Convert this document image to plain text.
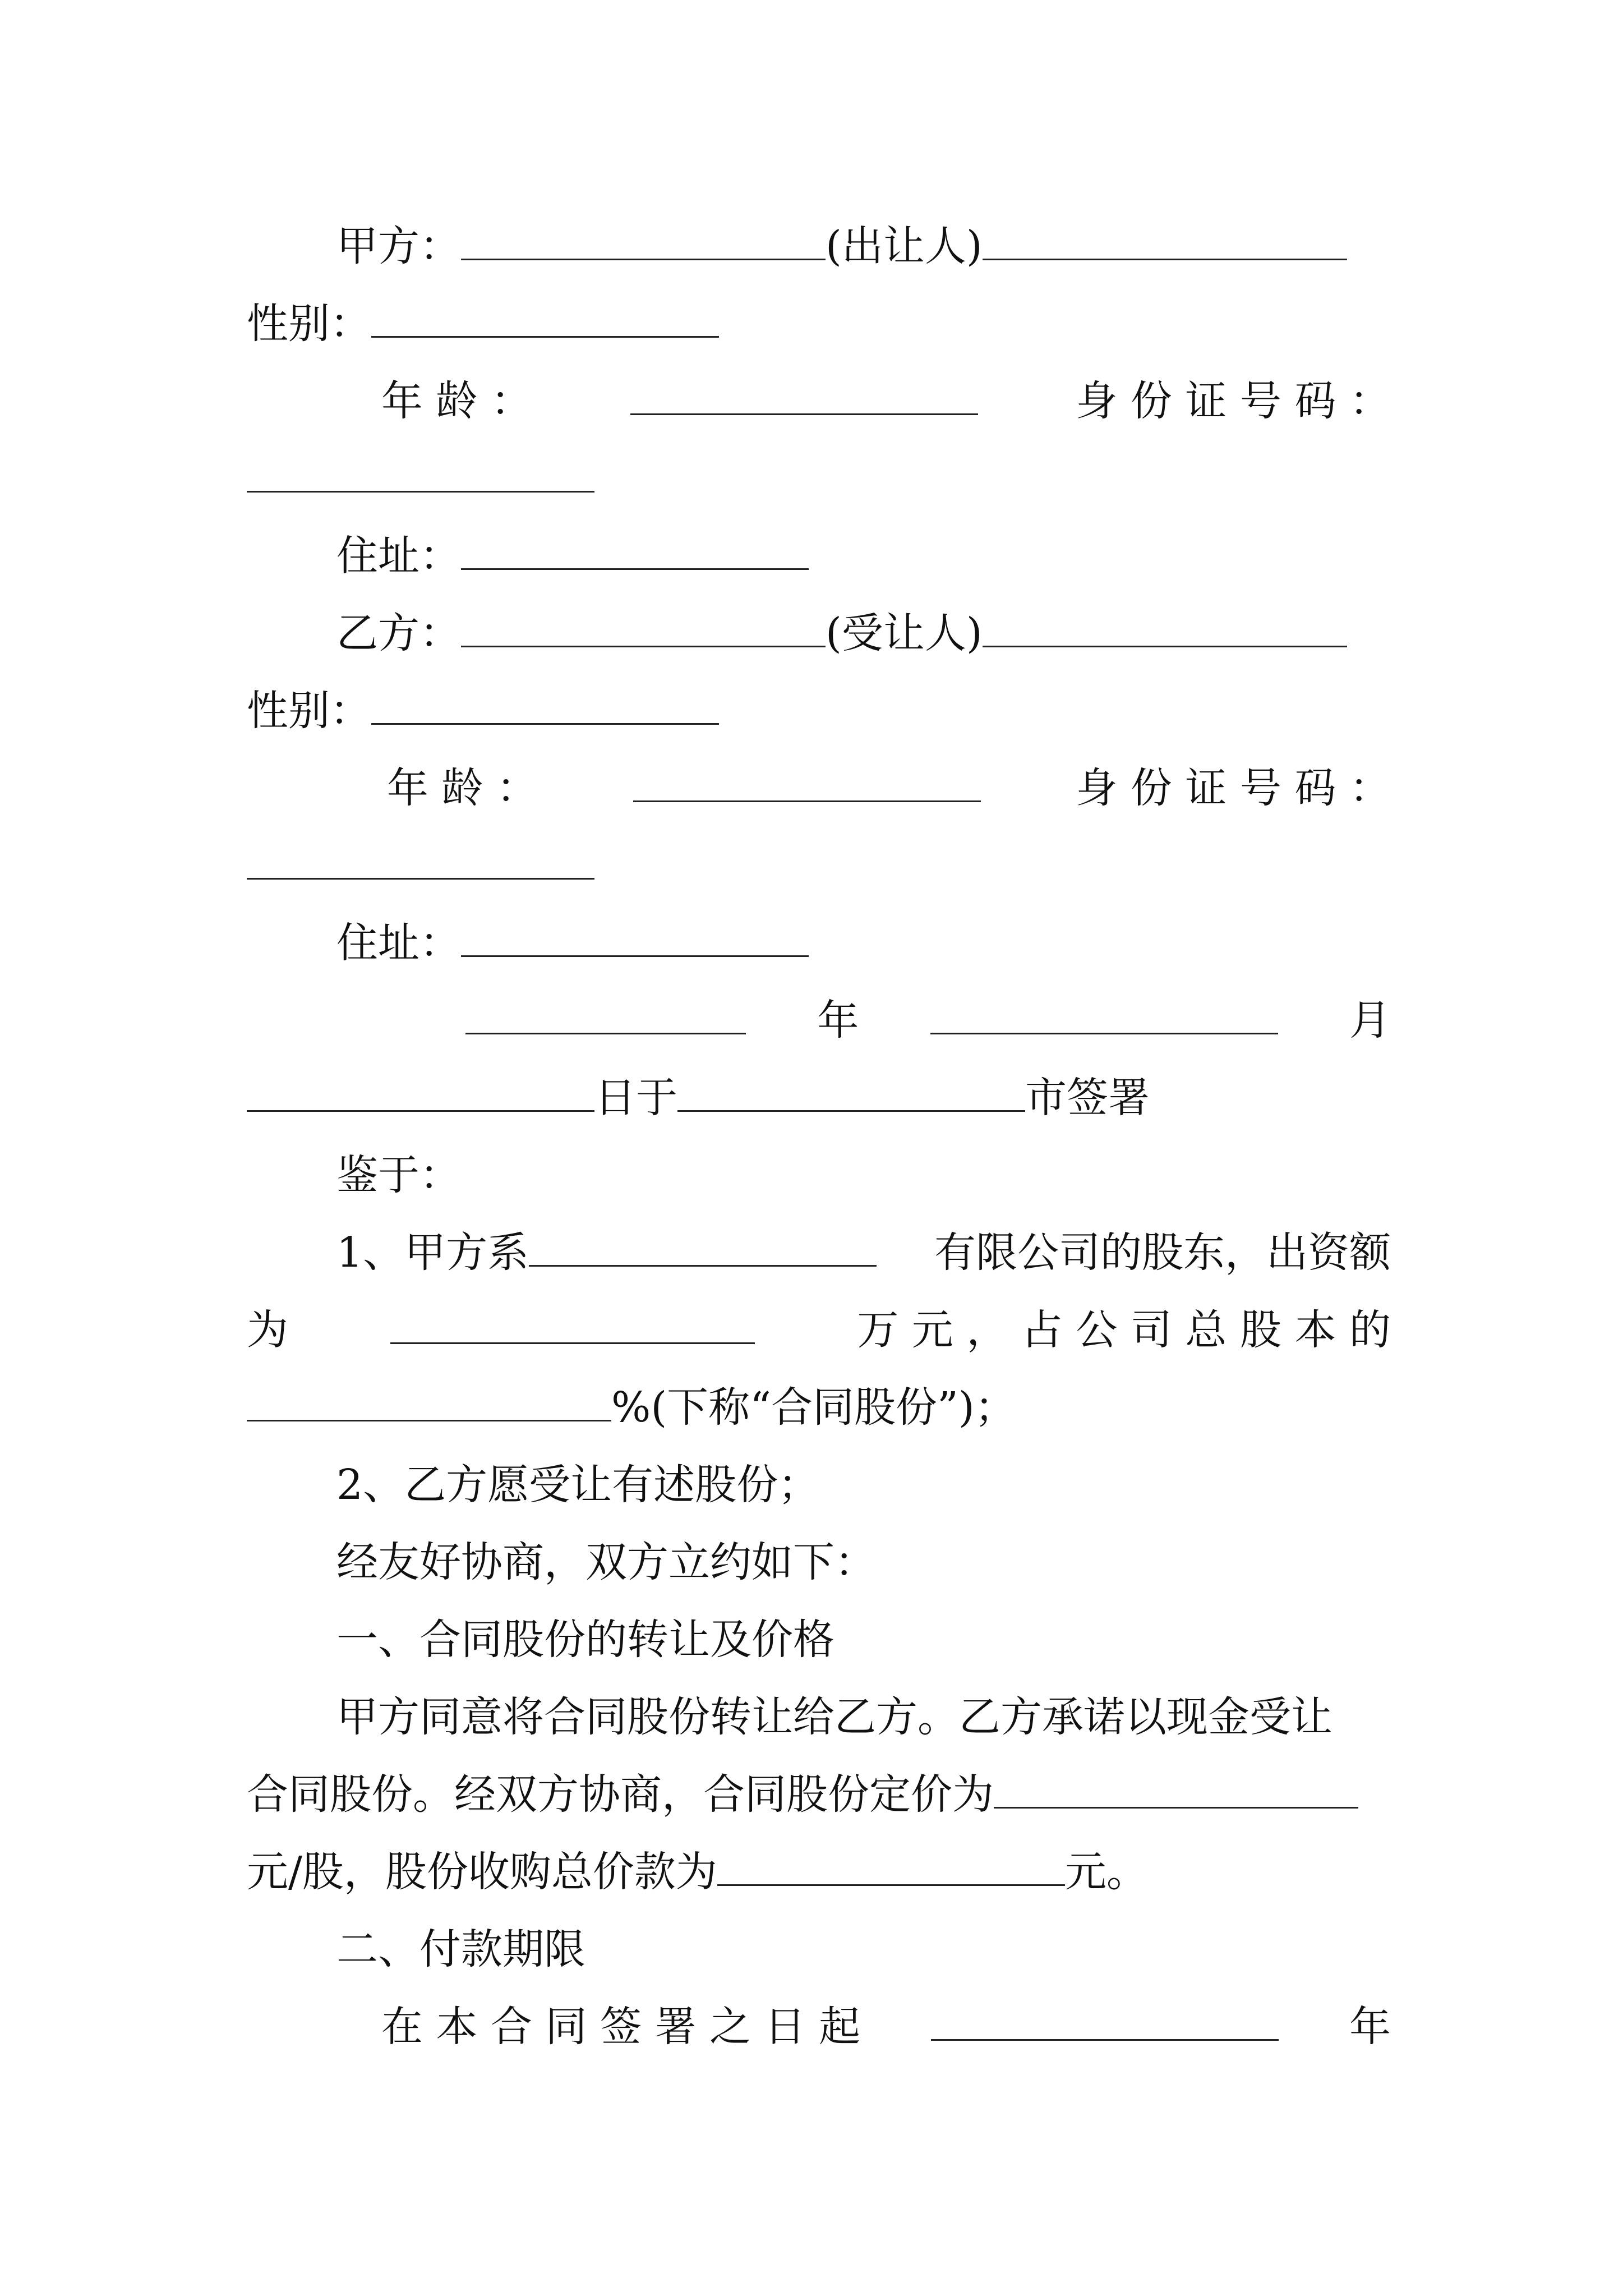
甲方：	(出让人)
性别：
年 龄 ：	身 份 证 号 码 ：
住址：
乙方：	(受让人)
性别：
年 龄 ：	身 份 证 号 码 ：
住址：
年	月
日于	市签署
鉴于：
1、甲方系	有限公司的股东，出资额
为	万 元 ， 占 公 司 总 股 本 的
%(下称“合同股份”)；
2、乙方愿受让有述股份；
经友好协商，双方立约如下：
一、合同股份的转让及价格
甲方同意将合同股份转让给乙方。乙方承诺以现金受让
合同股份。经双方协商，合同股份定价为
元/股，股份收购总价款为	元。
二、付款期限
在 本 合 同 签 署 之 日 起	年
